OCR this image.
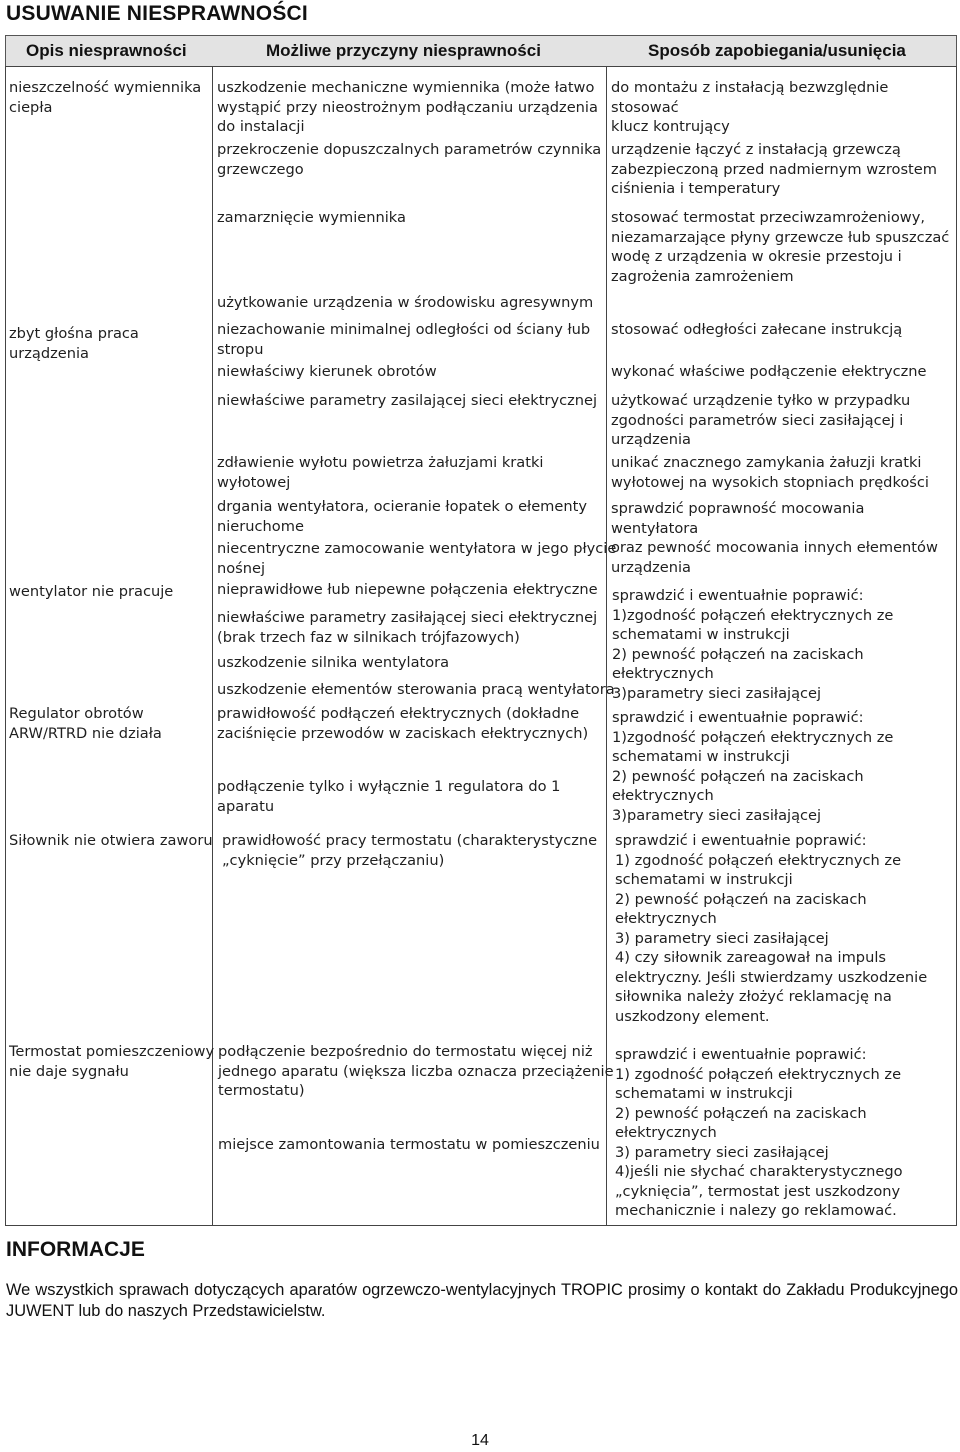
USUWANIE NIESPRAWNOŚCI
Opis niesprawności	Możliwe przyczyny niesprawności	Sposób zapobiegania/usunięcia
nieszczelność wymiennika
ciepła
zbyt głośna praca
urządzenia
wentylator nie pracuje
Regulator obrotów
ARW/RTRD nie działa
Siłownik nie otwiera zaworu
Termostat pomieszczeniowy
nie daje sygnału
uszkodzenie mechaniczne wymiennika (może łatwo
wystąpić przy nieostrożnym podłączaniu urządzenia
do instalacji
przekroczenie dopuszczalnych parametrów czynnika
grzewczego
zamarznięcie wymiennika
użytkowanie urządzenia w środowisku agresywnym
niezachowanie minimalnej odległości od ściany łub
stropu
niewłaściwy kierunek obrotów
niewłaściwe parametry zasilającej sieci ełektrycznej
zdławienie wyłotu powietrza żałuzjami kratki
wyłotowej
drgania wentyłatora, ocieranie łopatek o ełementy
nieruchome
niecentryczne zamocowanie wentyłatora w jego płycie
nośnej
nieprawidłowe łub niepewne połączenia ełektryczne
niewłaściwe parametry zasiłającej sieci ełektrycznej
(brak trzech faz w silnikach trójfazowych)
uszkodzenie silnika wentylatora
uszkodzenie ełementów sterowania pracą wentyłatora
prawidłowość podłączeń ełektrycznych (dokładne
zaciśnięcie przewodów w zaciskach ełektrycznych)
podłączenie tylko i wyłącznie 1 regulatora do 1
aparatu
prawidłowość pracy termostatu (charakterystyczne
„cyknięcie” przy przełączaniu)
podłączenie bezpośrednio do termostatu więcej niż
jednego aparatu (większa liczba oznacza przeciążenie
termostatu)
miejsce zamontowania termostatu w pomieszczeniu
do montażu z instałacją bezwzględnie stosować
klucz kontrujący
urządzenie łączyć z instałacją grzewczą
zabezpieczoną przed nadmiernym wzrostem
ciśnienia i temperatury
stosować termostat przeciwzamrożeniowy,
niezamarzające płyny grzewcze łub spuszczać
wodę z urządzenia w okresie przestoju i
zagrożenia zamrożeniem
stosować odłegłości załecane instrukcją
wykonać właściwe podłączenie ełektryczne
użytkować urządzenie tyłko w przypadku
zgodności parametrów sieci zasiłającej i
urządzenia
unikać znacznego zamykania żałuzji kratki
wyłotowej na wysokich stopniach prędkości
sprawdzić poprawność mocowania wentyłatora
oraz pewność mocowania innych ełementów
urządzenia
sprawdzić i ewentuałnie poprawić:
1)zgodność połączeń ełektrycznych ze
schematami w instrukcji
2) pewność połączeń na zaciskach
ełektrycznych
3)parametry sieci zasiłającej
sprawdzić i ewentuałnie poprawić:
1)zgodność połączeń ełektrycznych ze
schematami w instrukcji
2) pewność połączeń na zaciskach
ełektrycznych
3)parametry sieci zasiłającej
sprawdzić i ewentuałnie poprawić:
1) zgodność połączeń ełektrycznych ze
schematami w instrukcji
2) pewność połączeń na zaciskach
ełektrycznych
3) parametry sieci zasiłającej
4) czy siłownik zareagował na impuls
elektryczny. Jeśli stwierdzamy uszkodzenie
siłownika należy złożyć reklamację na
uszkodzony element.
sprawdzić i ewentuałnie poprawić:
1) zgodność połączeń ełektrycznych ze
schematami w instrukcji
2) pewność połączeń na zaciskach
ełektrycznych
3) parametry sieci zasiłającej
4)jeśli nie słychać charakterystycznego
„cyknięcia”, termostat jest uszkodzony
mechanicznie i nalezy go reklamować.
INFORMACJE
We wszystkich sprawach dotyczących aparatów ogrzewczo-wentylacyjnych TROPIC prosimy o kontakt do Zakładu Produkcyjnego JUWENT lub do naszych Przedstawicielstw.
14
